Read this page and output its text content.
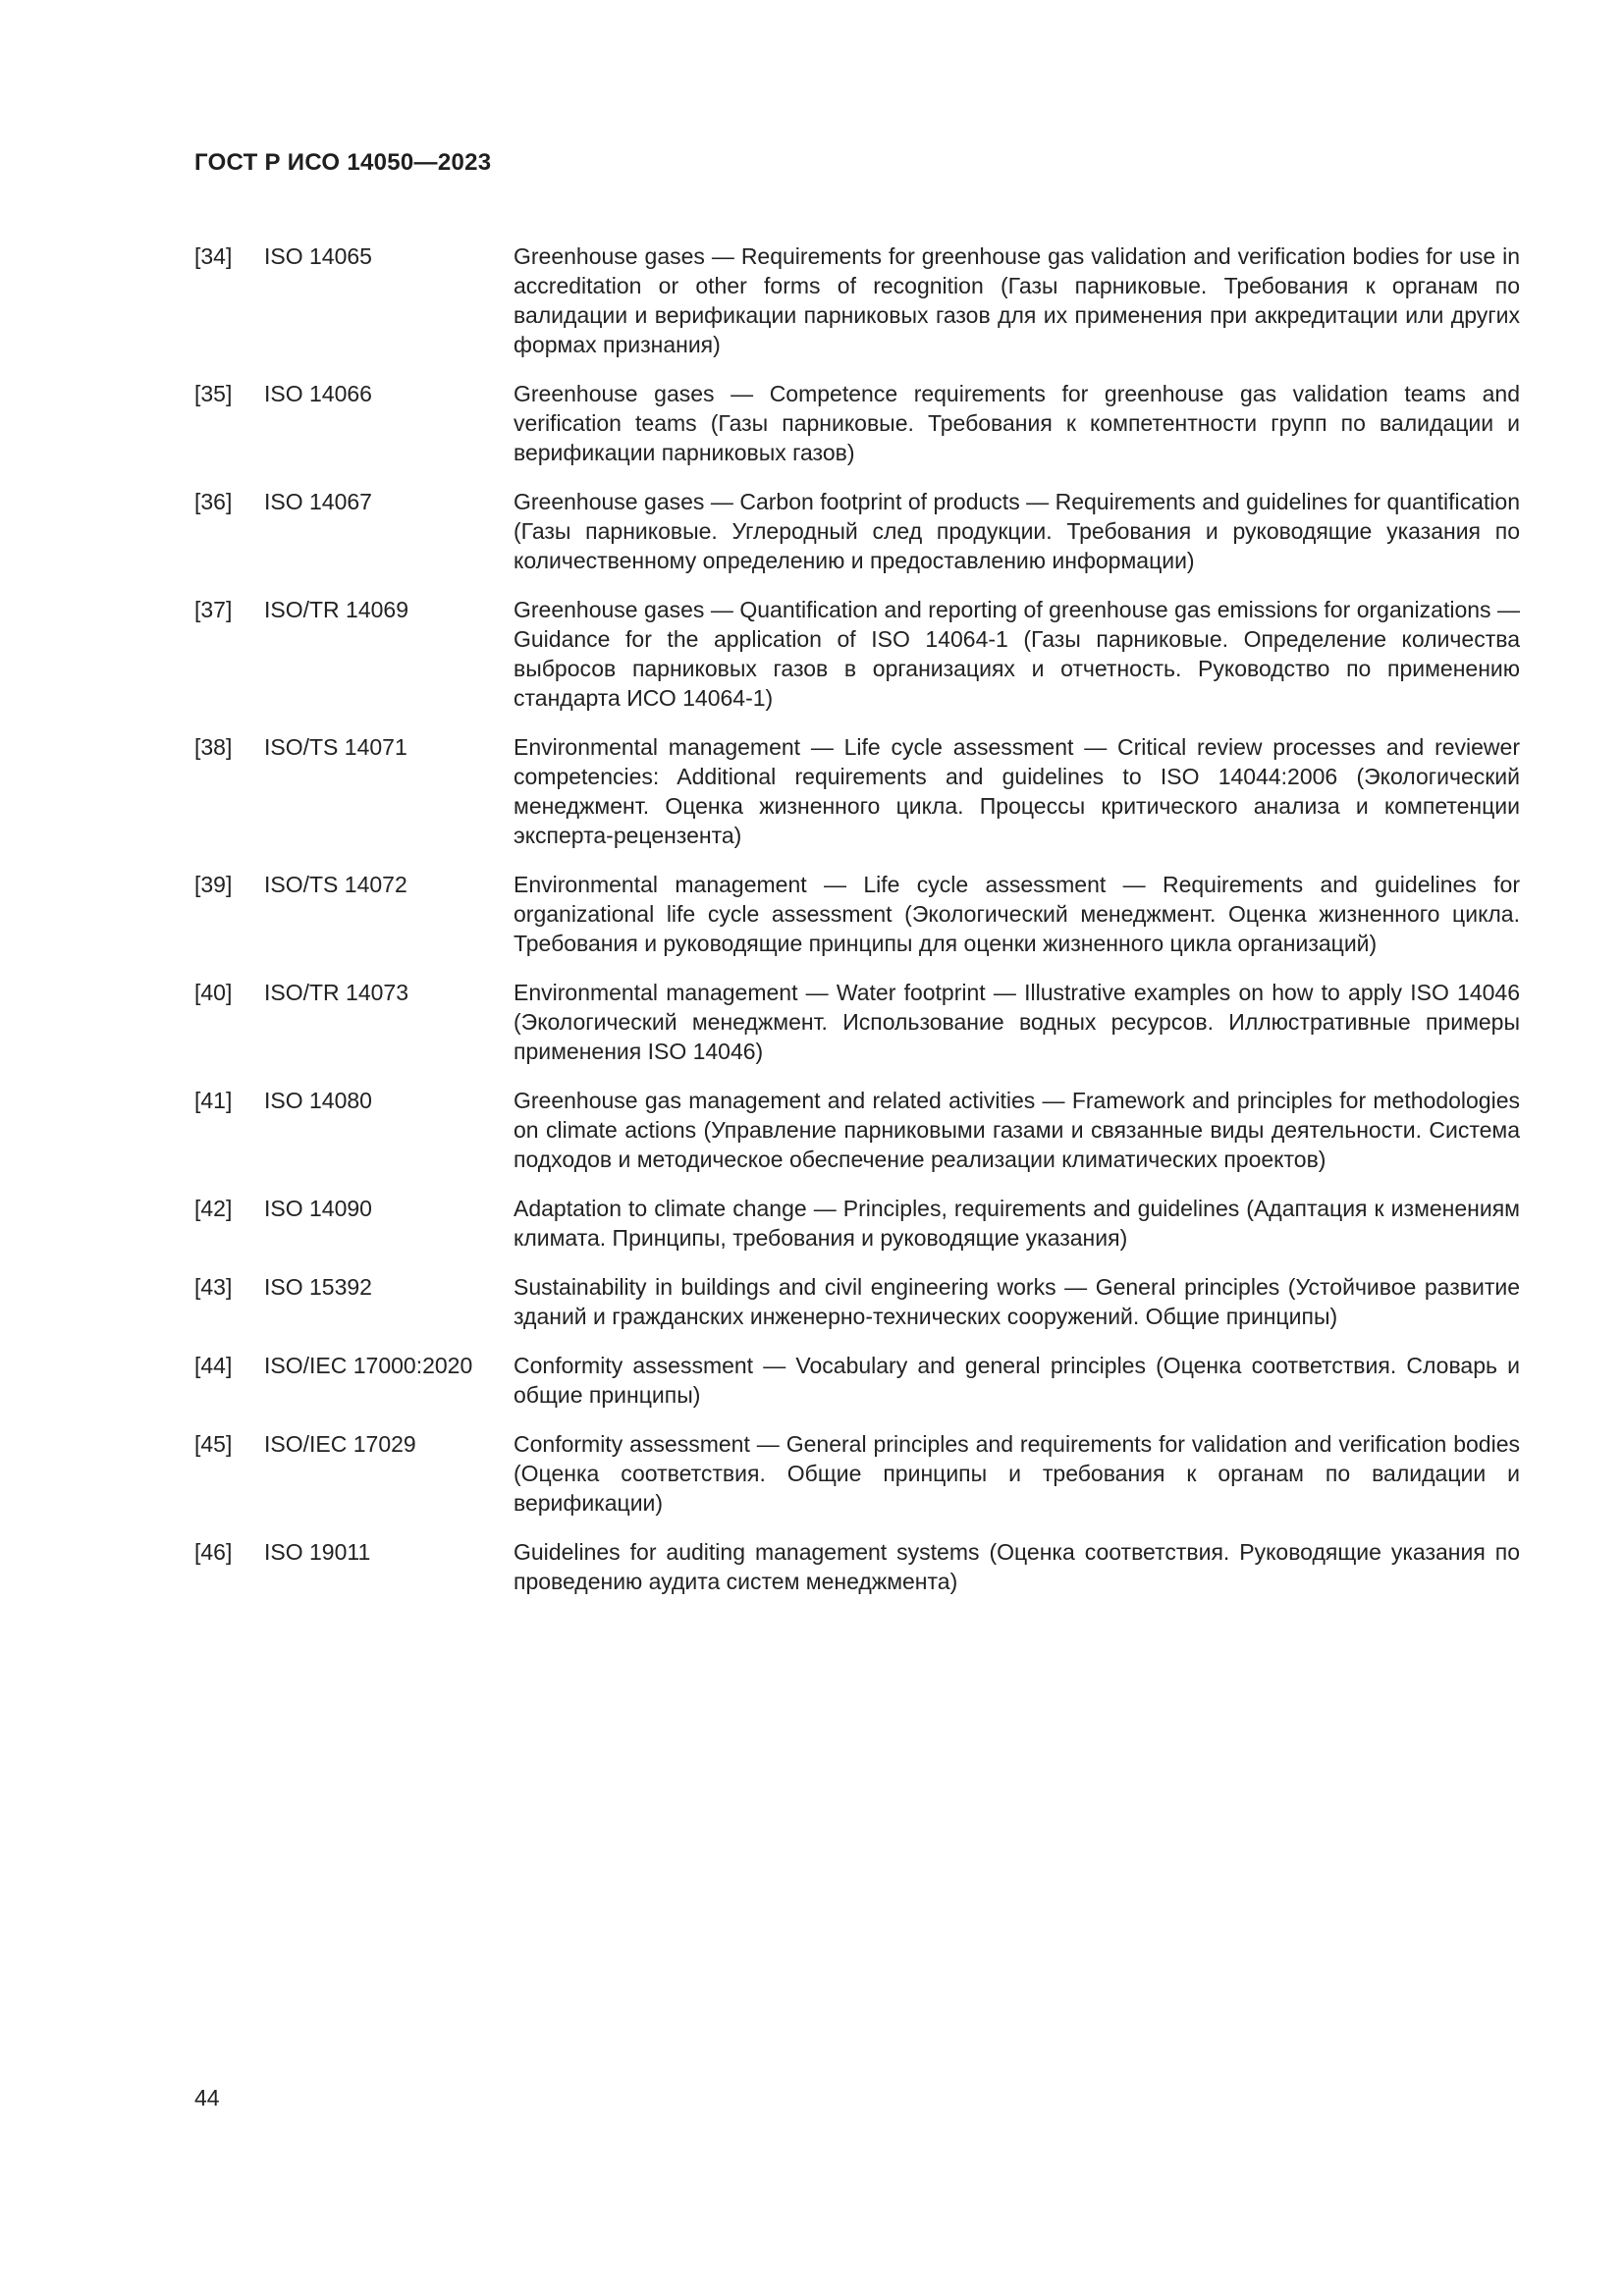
ГОСТ Р ИСО 14050—2023
[34]	ISO 14065	Greenhouse gases — Requirements for greenhouse gas validation and verification bodies for use in accreditation or other forms of recognition (Газы парниковые. Требования к органам по валидации и верификации парниковых газов для их применения при аккредитации или других формах признания)
[35]	ISO 14066	Greenhouse gases — Competence requirements for greenhouse gas validation teams and verification teams (Газы парниковые. Требования к компетентности групп по валидации и верификации парниковых газов)
[36]	ISO 14067	Greenhouse gases — Carbon footprint of products — Requirements and guidelines for quantification (Газы парниковые. Углеродный след продукции. Требования и руководящие указания по количественному определению и предоставлению информации)
[37]	ISO/TR 14069	Greenhouse gases — Quantification and reporting of greenhouse gas emissions for organizations — Guidance for the application of ISO 14064-1 (Газы парниковые. Определение количества выбросов парниковых газов в организациях и отчетность. Руководство по применению стандарта ИСО 14064-1)
[38]	ISO/TS 14071	Environmental management — Life cycle assessment — Critical review processes and reviewer competencies: Additional requirements and guidelines to ISO 14044:2006 (Экологический менеджмент. Оценка жизненного цикла. Процессы критического анализа и компетенции эксперта-рецензента)
[39]	ISO/TS 14072	Environmental management — Life cycle assessment — Requirements and guidelines for organizational life cycle assessment (Экологический менеджмент. Оценка жизненного цикла. Требования и руководящие принципы для оценки жизненного цикла организаций)
[40]	ISO/TR 14073	Environmental management — Water footprint — Illustrative examples on how to apply ISO 14046 (Экологический менеджмент. Использование водных ресурсов. Иллюстративные примеры применения ISO 14046)
[41]	ISO 14080	Greenhouse gas management and related activities — Framework and principles for methodologies on climate actions (Управление парниковыми газами и связанные виды деятельности. Система подходов и методическое обеспечение реализации климатических проектов)
[42]	ISO 14090	Adaptation to climate change — Principles, requirements and guidelines (Адаптация к изменениям климата. Принципы, требования и руководящие указания)
[43]	ISO 15392	Sustainability in buildings and civil engineering works — General principles (Устойчивое развитие зданий и гражданских инженерно-технических сооружений. Общие принципы)
[44]	ISO/IEC 17000:2020	Conformity assessment — Vocabulary and general principles (Оценка соответствия. Словарь и общие принципы)
[45]	ISO/IEC 17029	Conformity assessment — General principles and requirements for validation and verification bodies (Оценка соответствия. Общие принципы и требования к органам по валидации и верификации)
[46]	ISO 19011	Guidelines for auditing management systems (Оценка соответствия. Руководящие указания по проведению аудита систем менеджмента)
44
